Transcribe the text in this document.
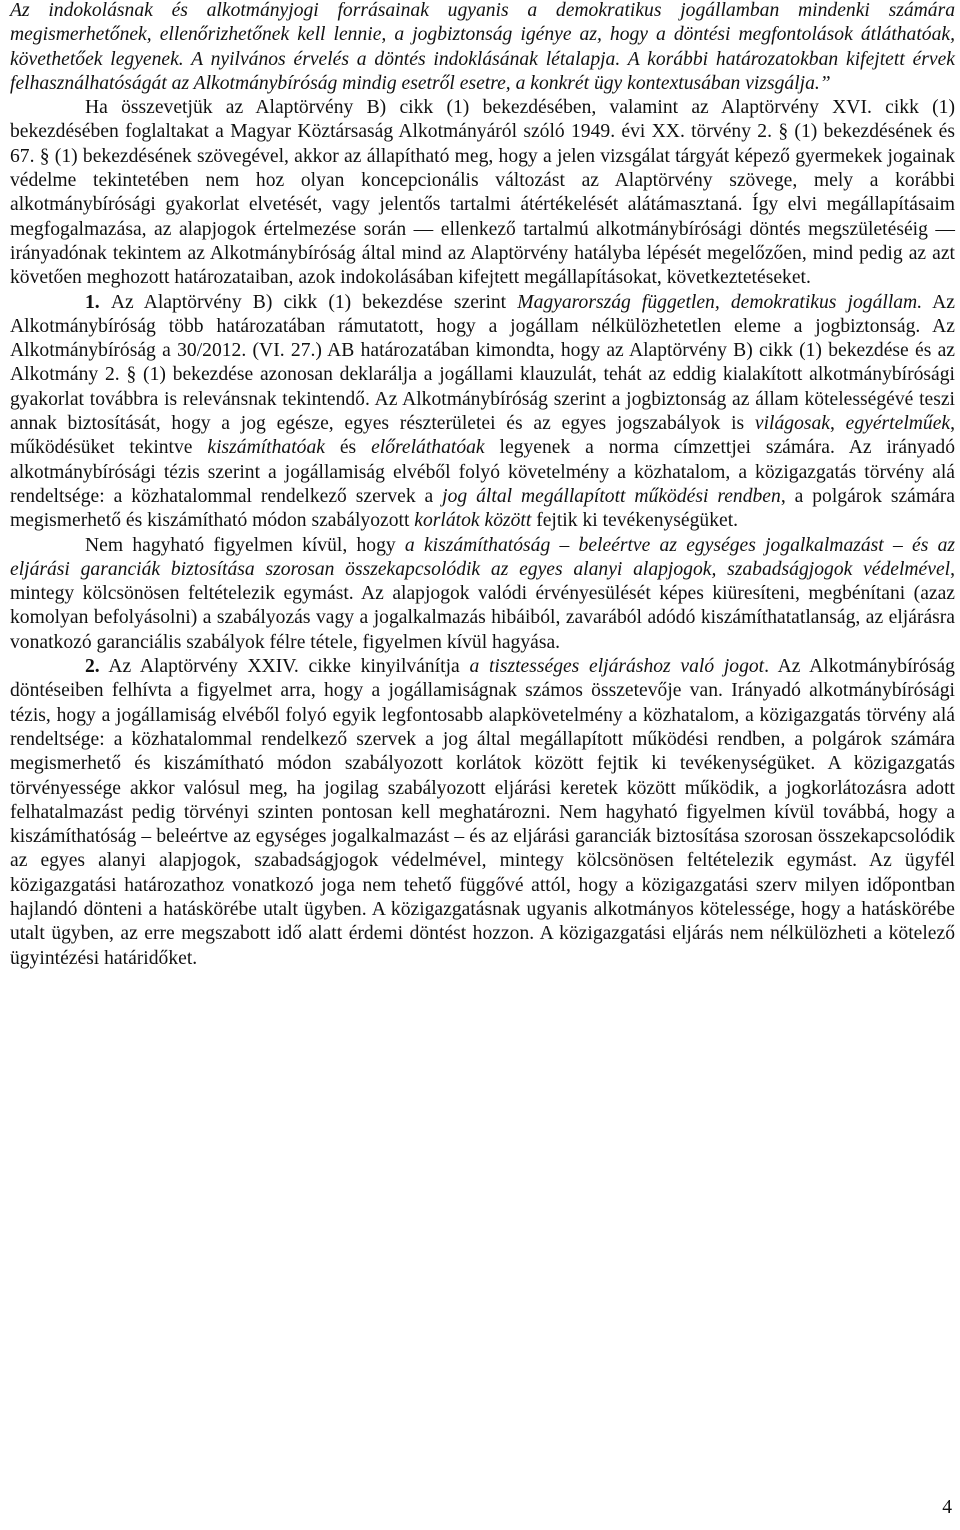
Az indokolásnak és alkotmányjogi forrásainak ugyanis a demokratikus jogállamban mindenki számára megismerhetőnek, ellenőrizhetőnek kell lennie, a jogbiztonság igénye az, hogy a döntési megfontolások átláthatóak, követhetőek legyenek. A nyilvános érvelés a döntés indoklásának létalapja. A korábbi határozatokban kifejtett érvek felhasználhatóságát az Alkotmánybíróság mindig esetről esetre, a konkrét ügy kontextusában vizsgálja.”

Ha összevetjük az Alaptörvény B) cikk (1) bekezdésében, valamint az Alaptörvény XVI. cikk (1) bekezdésében foglaltakat a Magyar Köztársaság Alkotmányáról szóló 1949. évi XX. törvény 2. § (1) bekezdésének és 67. § (1) bekezdésének szövegével, akkor az állapítható meg, hogy a jelen vizsgálat tárgyát képező gyermekek jogainak védelme tekintetében nem hoz olyan koncepcionális változást az Alaptörvény szövege, mely a korábbi alkotmánybírósági gyakorlat elvetését, vagy jelentős tartalmi átértékelését alátámasztaná. Így elvi megállapításaim megfogalmazása, az alapjogok értelmezése során — ellenkező tartalmú alkotmánybírósági döntés megszületéséig — irányadónak tekintem az Alkotmánybíróság által mind az Alaptörvény hatályba lépését megelőzően, mind pedig az azt követően meghozott határozataiban, azok indokolásában kifejtett megállapításokat, következtetéseket.

1. Az Alaptörvény B) cikk (1) bekezdése szerint Magyarország független, demokratikus jogállam. Az Alkotmánybíróság több határozatában rámutatott, hogy a jogállam nélkülözhetetlen eleme a jogbiztonság. Az Alkotmánybíróság a 30/2012. (VI. 27.) AB határozatában kimondta, hogy az Alaptörvény B) cikk (1) bekezdése és az Alkotmány 2. § (1) bekezdése azonosan deklarálja a jogállami klauzulát, tehát az eddig kialakított alkotmánybírósági gyakorlat továbbra is relevánsnak tekintendő. Az Alkotmánybíróság szerint a jogbiztonság az állam kötelességévé teszi annak biztosítását, hogy a jog egésze, egyes részterületei és az egyes jogszabályok is világosak, egyértelműek, működésüket tekintve kiszámíthatóak és előreláthatóak legyenek a norma címzettjei számára. Az irányadó alkotmánybírósági tézis szerint a jogállamiság elvéből folyó követelmény a közhatalom, a közigazgatás törvény alá rendeltsége: a közhatalommal rendelkező szervek a jog által megállapított működési rendben, a polgárok számára megismerhető és kiszámítható módon szabályozott korlátok között fejtik ki tevékenységüket.

Nem hagyható figyelmen kívül, hogy a kiszámíthatóság – beleértve az egységes jogalkalmazást – és az eljárási garanciák biztosítása szorosan összekapcsolódik az egyes alanyi alapjogok, szabadságjogok védelmével, mintegy kölcsönösen feltételezik egymást. Az alapjogok valódi érvényesülését képes kiüresíteni, megbénítani (azaz komolyan befolyásolni) a szabályozás vagy a jogalkalmazás hibáiból, zavarából adódó kiszámíthatatlanság, az eljárásra vonatkozó garanciális szabályok félre tétele, figyelmen kívül hagyása.

2. Az Alaptörvény XXIV. cikke kinyilvánítja a tisztességes eljáráshoz való jogot. Az Alkotmánybíróság döntéseiben felhívta a figyelmet arra, hogy a jogállamiságnak számos összetevője van. Irányadó alkotmánybírósági tézis, hogy a jogállamiság elvéből folyó egyik legfontosabb alapkövetelmény a közhatalom, a közigazgatás törvény alá rendeltsége: a közhatalommal rendelkező szervek a jog által megállapított működési rendben, a polgárok számára megismerhető és kiszámítható módon szabályozott korlátok között fejtik ki tevékenységüket. A közigazgatás törvényessége akkor valósul meg, ha jogilag szabályozott eljárási keretek között működik, a jogkorlátozásra adott felhatalmazást pedig törvényi szinten pontosan kell meghatározni. Nem hagyható figyelmen kívül továbbá, hogy a kiszámíthatóság – beleértve az egységes jogalkalmazást – és az eljárási garanciák biztosítása szorosan összekapcsolódik az egyes alanyi alapjogok, szabadságjogok védelmével, mintegy kölcsönösen feltételezik egymást. Az ügyfél közigazgatási határozathoz vonatkozó joga nem tehető függővé attól, hogy a közigazgatási szerv milyen időpontban hajlandó dönteni a hatáskörébe utalt ügyben. A közigazgatásnak ugyanis alkotmányos kötelessége, hogy a hatáskörébe utalt ügyben, az erre megszabott idő alatt érdemi döntést hozzon. A közigazgatási eljárás nem nélkülözheti a kötelező ügyintézési határidőket.

4
